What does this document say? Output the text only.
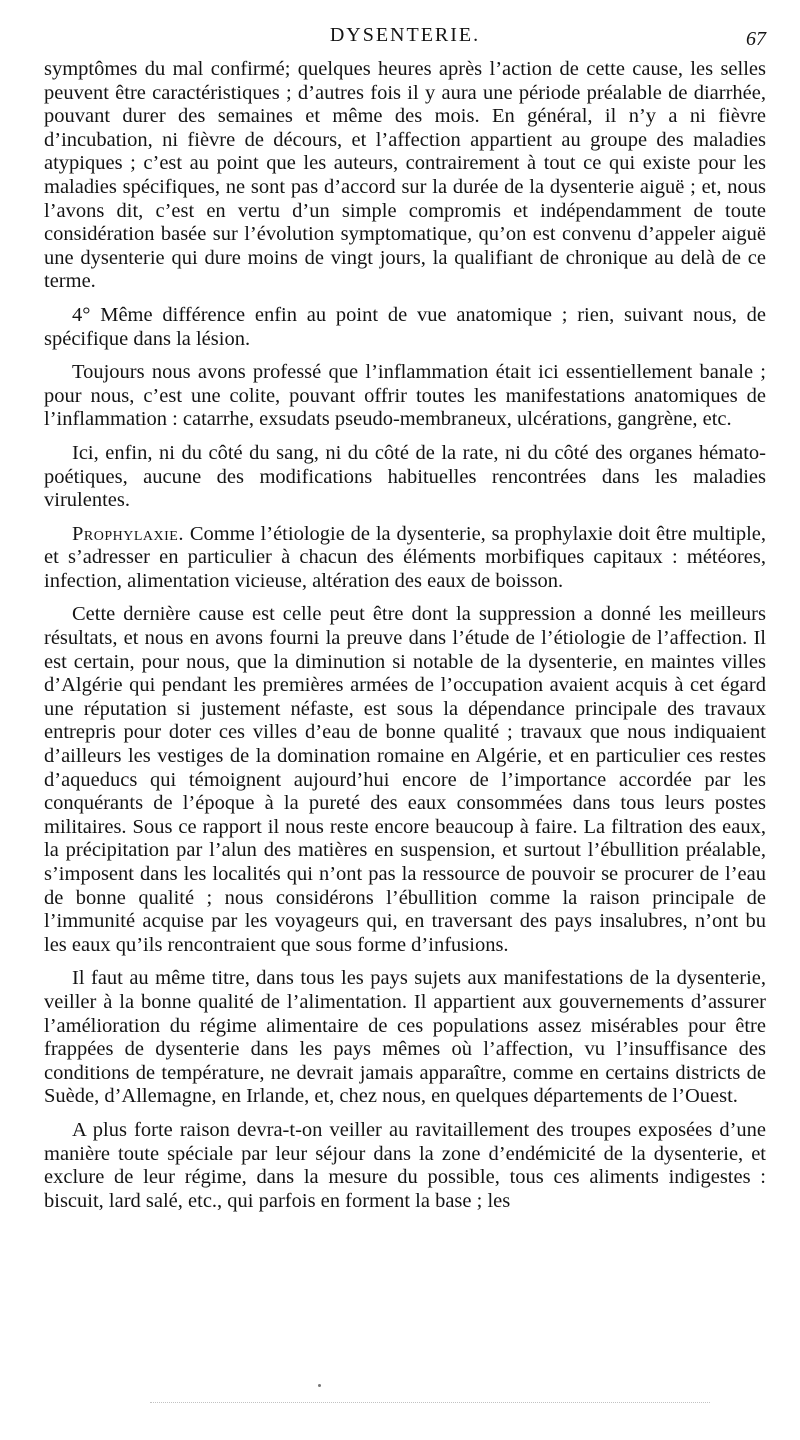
DYSENTERIE.	67

symptômes du mal confirmé; quelques heures après l’action de cette cause, les selles peuvent être caractéristiques ; d’autres fois il y aura une période préalable de diarrhée, pouvant durer des semaines et même des mois. En général, il n’y a ni fièvre d’incubation, ni fièvre de décours, et l’affection appartient au groupe des maladies atypiques ; c’est au point que les auteurs, contrairement à tout ce qui existe pour les maladies spécifiques, ne sont pas d’accord sur la durée de la dysenterie aiguë ; et, nous l’avons dit, c’est en vertu d’un simple compromis et indépendamment de toute considération basée sur l’évolution symptomatique, qu’on est convenu d’appeler aiguë une dysenterie qui dure moins de vingt jours, la qualifiant de chronique au delà de ce terme.

4° Même différence enfin au point de vue anatomique ; rien, suivant nous, de spécifique dans la lésion.

Toujours nous avons professé que l’inflammation était ici essentiellement banale ; pour nous, c’est une colite, pouvant offrir toutes les manifestations anatomiques de l’inflammation : catarrhe, exsudats pseudo-membraneux, ulcérations, gangrène, etc.

Ici, enfin, ni du côté du sang, ni du côté de la rate, ni du côté des organes hémato-poétiques, aucune des modifications habituelles rencontrées dans les maladies virulentes.

Prophylaxie. Comme l’étiologie de la dysenterie, sa prophylaxie doit être multiple, et s’adresser en particulier à chacun des éléments morbifiques capitaux : météores, infection, alimentation vicieuse, altération des eaux de boisson.

Cette dernière cause est celle peut être dont la suppression a donné les meilleurs résultats, et nous en avons fourni la preuve dans l’étude de l’étiologie de l’affection. Il est certain, pour nous, que la diminution si notable de la dysenterie, en maintes villes d’Algérie qui pendant les premières armées de l’occupation avaient acquis à cet égard une réputation si justement néfaste, est sous la dépendance principale des travaux entrepris pour doter ces villes d’eau de bonne qualité ; travaux que nous indiquaient d’ailleurs les vestiges de la domination romaine en Algérie, et en particulier ces restes d’aqueducs qui témoignent aujourd’hui encore de l’importance accordée par les conquérants de l’époque à la pureté des eaux consommées dans tous leurs postes militaires. Sous ce rapport il nous reste encore beaucoup à faire. La filtration des eaux, la précipitation par l’alun des matières en suspension, et surtout l’ébullition préalable, s’imposent dans les localités qui n’ont pas la ressource de pouvoir se procurer de l’eau de bonne qualité ; nous considérons l’ébullition comme la raison principale de l’immunité acquise par les voyageurs qui, en traversant des pays insalubres, n’ont bu les eaux qu’ils rencontraient que sous forme d’infusions.

Il faut au même titre, dans tous les pays sujets aux manifestations de la dysenterie, veiller à la bonne qualité de l’alimentation. Il appartient aux gouvernements d’assurer l’amélioration du régime alimentaire de ces populations assez misérables pour être frappées de dysenterie dans les pays mêmes où l’affection, vu l’insuffisance des conditions de température, ne devrait jamais apparaître, comme en certains districts de Suède, d’Allemagne, en Irlande, et, chez nous, en quelques départements de l’Ouest.

A plus forte raison devra-t-on veiller au ravitaillement des troupes exposées d’une manière toute spéciale par leur séjour dans la zone d’endémicité de la dysenterie, et exclure de leur régime, dans la mesure du possible, tous ces aliments indigestes : biscuit, lard salé, etc., qui parfois en forment la base ; les
